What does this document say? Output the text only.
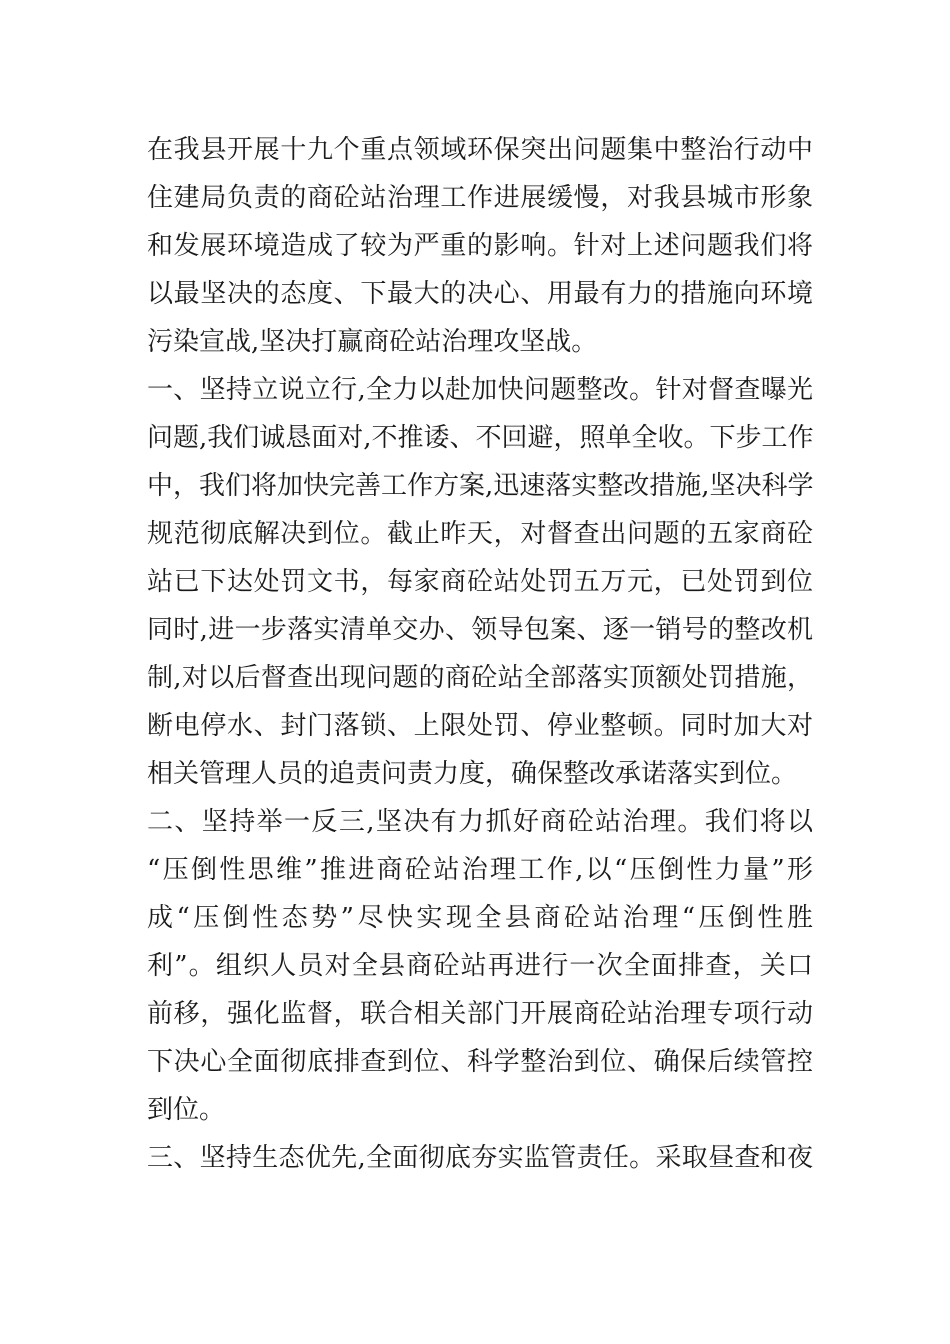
在我县开展十九个重点领域环保突出问题集中整治行动中
住建局负责的商砼站治理工作进展缓慢，对我县城市形象
和发展环境造成了较为严重的影响。针对上述问题我们将
以最坚决的态度、下最大的决心、用最有力的措施向环境
污染宣战,坚决打赢商砼站治理攻坚战。
一、坚持立说立行,全力以赴加快问题整改。针对督查曝光
问题,我们诚恳面对,不推诿、不回避，照单全收。下步工作
中，我们将加快完善工作方案,迅速落实整改措施,坚决科学
规范彻底解决到位。截止昨天，对督查出问题的五家商砼
站已下达处罚文书，每家商砼站处罚五万元，已处罚到位
同时,进一步落实清单交办、领导包案、逐一销号的整改机
制,对以后督查出现问题的商砼站全部落实顶额处罚措施，
断电停水、封门落锁、上限处罚、停业整顿。同时加大对
相关管理人员的追责问责力度，确保整改承诺落实到位。
二、坚持举一反三,坚决有力抓好商砼站治理。我们将以
“压倒性思维”推进商砼站治理工作,以“压倒性力量”形
成“压倒性态势”尽快实现全县商砼站治理“压倒性胜
利”。组织人员对全县商砼站再进行一次全面排查，关口
前移，强化监督，联合相关部门开展商砼站治理专项行动
下决心全面彻底排查到位、科学整治到位、确保后续管控
到位。
三、坚持生态优先,全面彻底夯实监管责任。采取昼查和夜
